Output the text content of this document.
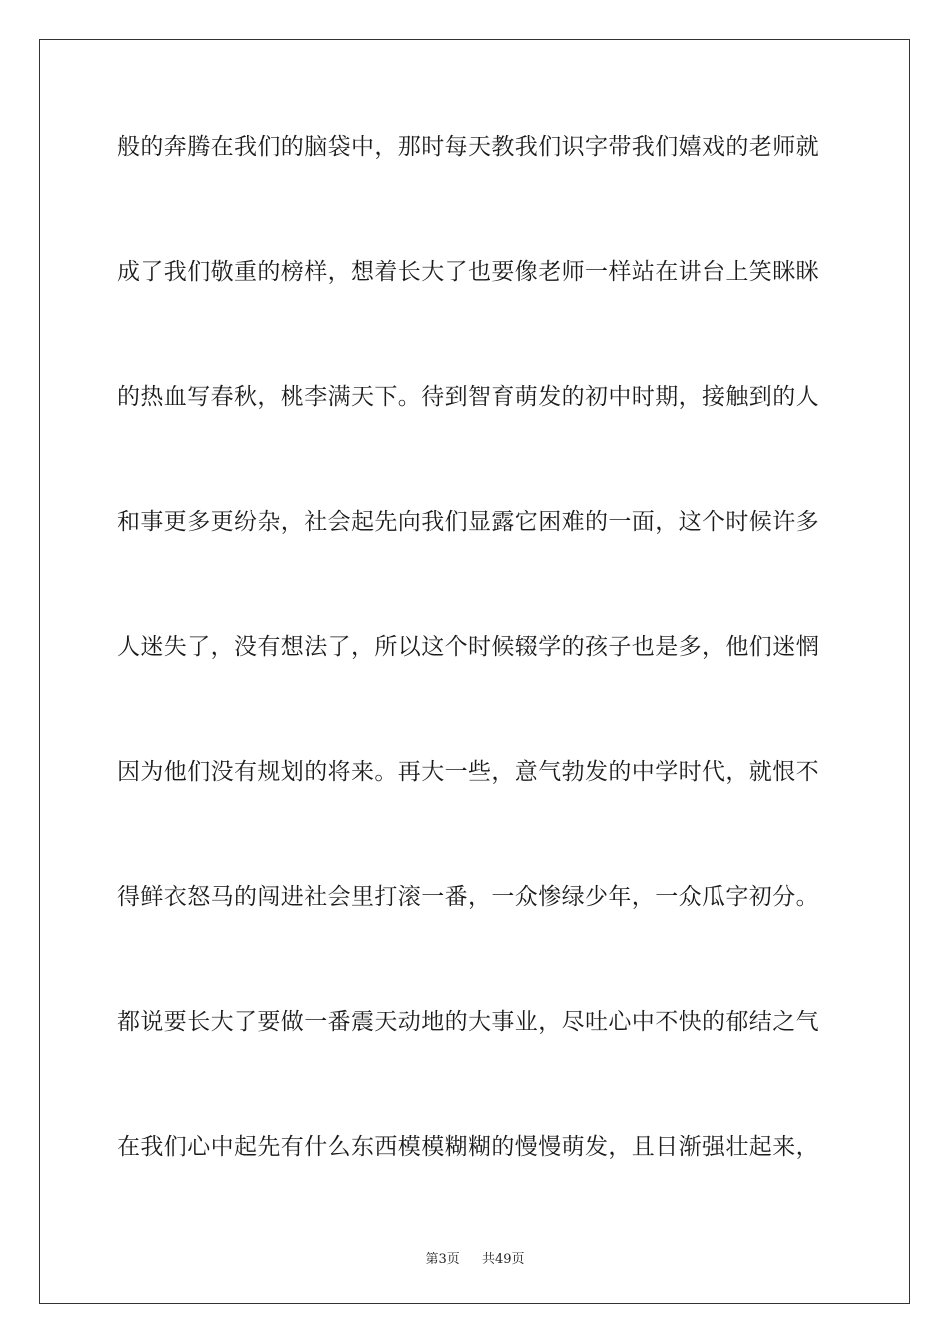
般的奔腾在我们的脑袋中，那时每天教我们识字带我们嬉戏的老师就
成了我们敬重的榜样，想着长大了也要像老师一样站在讲台上笑眯眯
的热血写春秋，桃李满天下。待到智育萌发的初中时期，接触到的人
和事更多更纷杂，社会起先向我们显露它困难的一面，这个时候许多
人迷失了，没有想法了，所以这个时候辍学的孩子也是多，他们迷惘
因为他们没有规划的将来。再大一些，意气勃发的中学时代，就恨不
得鲜衣怒马的闯进社会里打滚一番，一众惨绿少年，一众瓜字初分。
都说要长大了要做一番震天动地的大事业，尽吐心中不快的郁结之气
在我们心中起先有什么东西模模糊糊的慢慢萌发，且日渐强壮起来，
第3页 共49页
